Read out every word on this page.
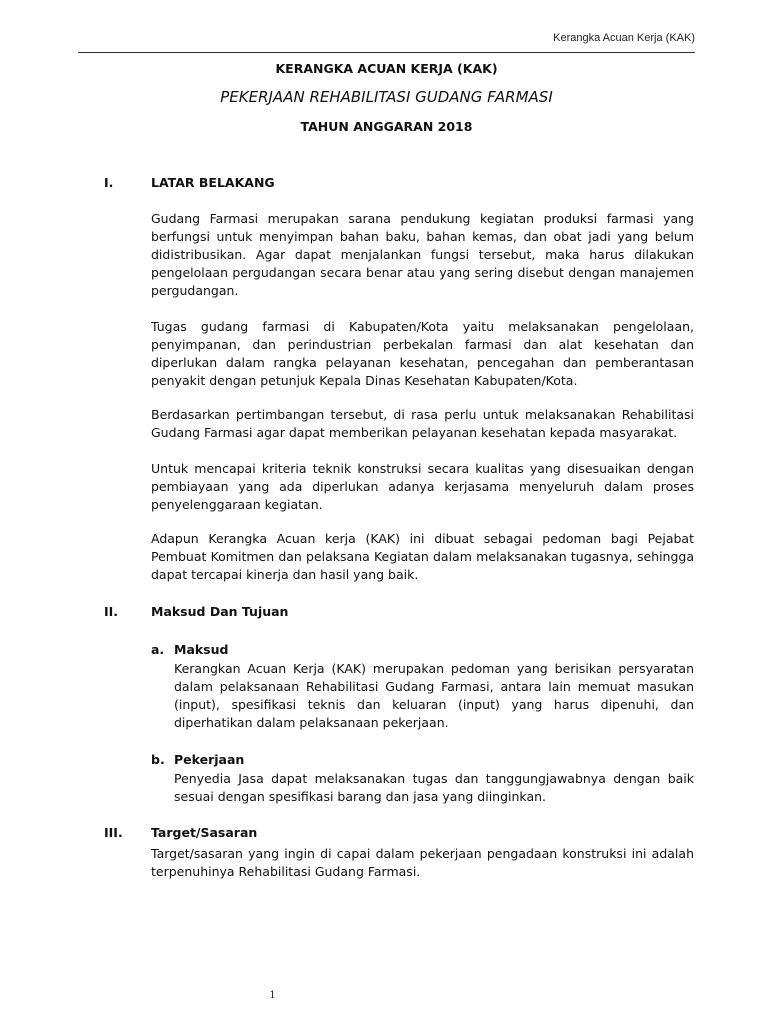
Kerangka Acuan Kerja (KAK)
KERANGKA ACUAN KERJA (KAK)
PEKERJAAN REHABILITASI GUDANG FARMASI
TAHUN ANGGARAN 2018
I.	LATAR BELAKANG
Gudang Farmasi merupakan sarana pendukung kegiatan produksi farmasi yang
berfungsi untuk menyimpan bahan baku, bahan kemas, dan obat jadi yang belum
didistribusikan. Agar dapat menjalankan fungsi tersebut, maka harus dilakukan
pengelolaan pergudangan secara benar atau yang sering disebut dengan manajemen
pergudangan.
Tugas gudang farmasi di Kabupaten/Kota yaitu melaksanakan pengelolaan,
penyimpanan, dan perindustrian perbekalan farmasi dan alat kesehatan dan
diperlukan dalam rangka pelayanan kesehatan, pencegahan dan pemberantasan
penyakit dengan petunjuk Kepala Dinas Kesehatan Kabupaten/Kota.
Berdasarkan pertimbangan tersebut, di rasa perlu untuk melaksanakan Rehabilitasi
Gudang Farmasi agar dapat memberikan pelayanan kesehatan kepada masyarakat.
Untuk mencapai kriteria teknik konstruksi secara kualitas yang disesuaikan dengan
pembiayaan yang ada diperlukan adanya kerjasama menyeluruh dalam proses
penyelenggaraan kegiatan.
Adapun Kerangka Acuan kerja (KAK) ini dibuat sebagai pedoman bagi Pejabat
Pembuat Komitmen dan pelaksana Kegiatan dalam melaksanakan tugasnya, sehingga
dapat tercapai kinerja dan hasil yang baik.
II.	Maksud Dan Tujuan
a. Maksud
Kerangkan Acuan Kerja (KAK) merupakan pedoman yang berisikan persyaratan
dalam pelaksanaan Rehabilitasi Gudang Farmasi, antara lain memuat masukan
(input), spesifikasi teknis dan keluaran (input) yang harus dipenuhi, dan
diperhatikan dalam pelaksanaan pekerjaan.
b. Pekerjaan
Penyedia Jasa dapat melaksanakan tugas dan tanggungjawabnya dengan baik
sesuai dengan spesifikasi barang dan jasa yang diinginkan.
III. Target/Sasaran
Target/sasaran yang ingin di capai dalam pekerjaan pengadaan konstruksi ini adalah
terpenuhinya Rehabilitasi Gudang Farmasi.
1
